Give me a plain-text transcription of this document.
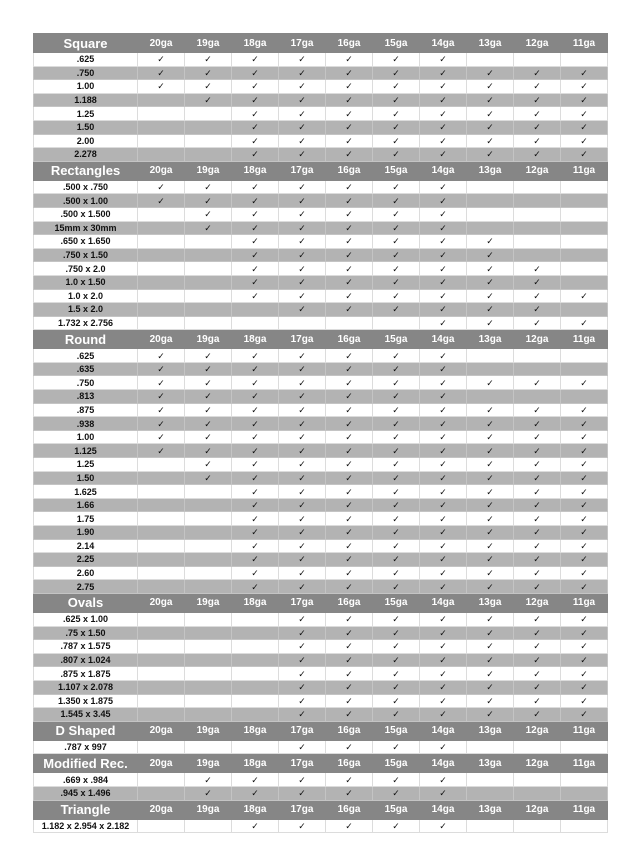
Square	20ga	19ga	18ga	17ga	16ga	15ga	14ga	13ga	12ga	11ga
.625	✓	✓	✓	✓	✓	✓	✓			
.750	✓	✓	✓	✓	✓	✓	✓	✓	✓	✓
1.00	✓	✓	✓	✓	✓	✓	✓	✓	✓	✓
1.188		✓	✓	✓	✓	✓	✓	✓	✓	✓
1.25			✓	✓	✓	✓	✓	✓	✓	✓
1.50			✓	✓	✓	✓	✓	✓	✓	✓
2.00			✓	✓	✓	✓	✓	✓	✓	✓
2.278			✓	✓	✓	✓	✓	✓	✓	✓
Rectangles	20ga	19ga	18ga	17ga	16ga	15ga	14ga	13ga	12ga	11ga
.500 x .750	✓	✓	✓	✓	✓	✓	✓			
.500 x 1.00	✓	✓	✓	✓	✓	✓	✓			
.500 x 1.500		✓	✓	✓	✓	✓	✓			
15mm x 30mm		✓	✓	✓	✓	✓	✓			
.650 x 1.650			✓	✓	✓	✓	✓	✓		
.750 x 1.50			✓	✓	✓	✓	✓	✓		
.750 x 2.0			✓	✓	✓	✓	✓	✓	✓	
1.0 x 1.50			✓	✓	✓	✓	✓	✓	✓	
1.0 x 2.0			✓	✓	✓	✓	✓	✓	✓	✓
1.5 x 2.0				✓	✓	✓	✓	✓	✓	
1.732 x 2.756							✓	✓	✓	✓
Round	20ga	19ga	18ga	17ga	16ga	15ga	14ga	13ga	12ga	11ga
.625	✓	✓	✓	✓	✓	✓	✓			
.635	✓	✓	✓	✓	✓	✓	✓			
.750	✓	✓	✓	✓	✓	✓	✓	✓	✓	✓
.813	✓	✓	✓	✓	✓	✓	✓			
.875	✓	✓	✓	✓	✓	✓	✓	✓	✓	✓
.938	✓	✓	✓	✓	✓	✓	✓	✓	✓	✓
1.00	✓	✓	✓	✓	✓	✓	✓	✓	✓	✓
1.125	✓	✓	✓	✓	✓	✓	✓	✓	✓	✓
1.25		✓	✓	✓	✓	✓	✓	✓	✓	✓
1.50		✓	✓	✓	✓	✓	✓	✓	✓	✓
1.625			✓	✓	✓	✓	✓	✓	✓	✓
1.66			✓	✓	✓	✓	✓	✓	✓	✓
1.75			✓	✓	✓	✓	✓	✓	✓	✓
1.90			✓	✓	✓	✓	✓	✓	✓	✓
2.14			✓	✓	✓	✓	✓	✓	✓	✓
2.25			✓	✓	✓	✓	✓	✓	✓	✓
2.60			✓	✓	✓	✓	✓	✓	✓	✓
2.75			✓	✓	✓	✓	✓	✓	✓	✓
Ovals	20ga	19ga	18ga	17ga	16ga	15ga	14ga	13ga	12ga	11ga
.625 x 1.00				✓	✓	✓	✓	✓	✓	✓
.75 x 1.50				✓	✓	✓	✓	✓	✓	✓
.787 x 1.575				✓	✓	✓	✓	✓	✓	✓
.807 x 1.024				✓	✓	✓	✓	✓	✓	✓
.875 x 1.875				✓	✓	✓	✓	✓	✓	✓
1.107 x 2.078				✓	✓	✓	✓	✓	✓	✓
1.350 x 1.875				✓	✓	✓	✓	✓	✓	✓
1.545 x 3.45				✓	✓	✓	✓	✓	✓	✓
D Shaped	20ga	19ga	18ga	17ga	16ga	15ga	14ga	13ga	12ga	11ga
.787 x 997				✓	✓	✓	✓			
Modified Rec.	20ga	19ga	18ga	17ga	16ga	15ga	14ga	13ga	12ga	11ga
.669 x .984		✓	✓	✓	✓	✓	✓			
.945 x 1.496		✓	✓	✓	✓	✓	✓			
Triangle	20ga	19ga	18ga	17ga	16ga	15ga	14ga	13ga	12ga	11ga
1.182 x 2.954 x 2.182			✓	✓	✓	✓	✓			
